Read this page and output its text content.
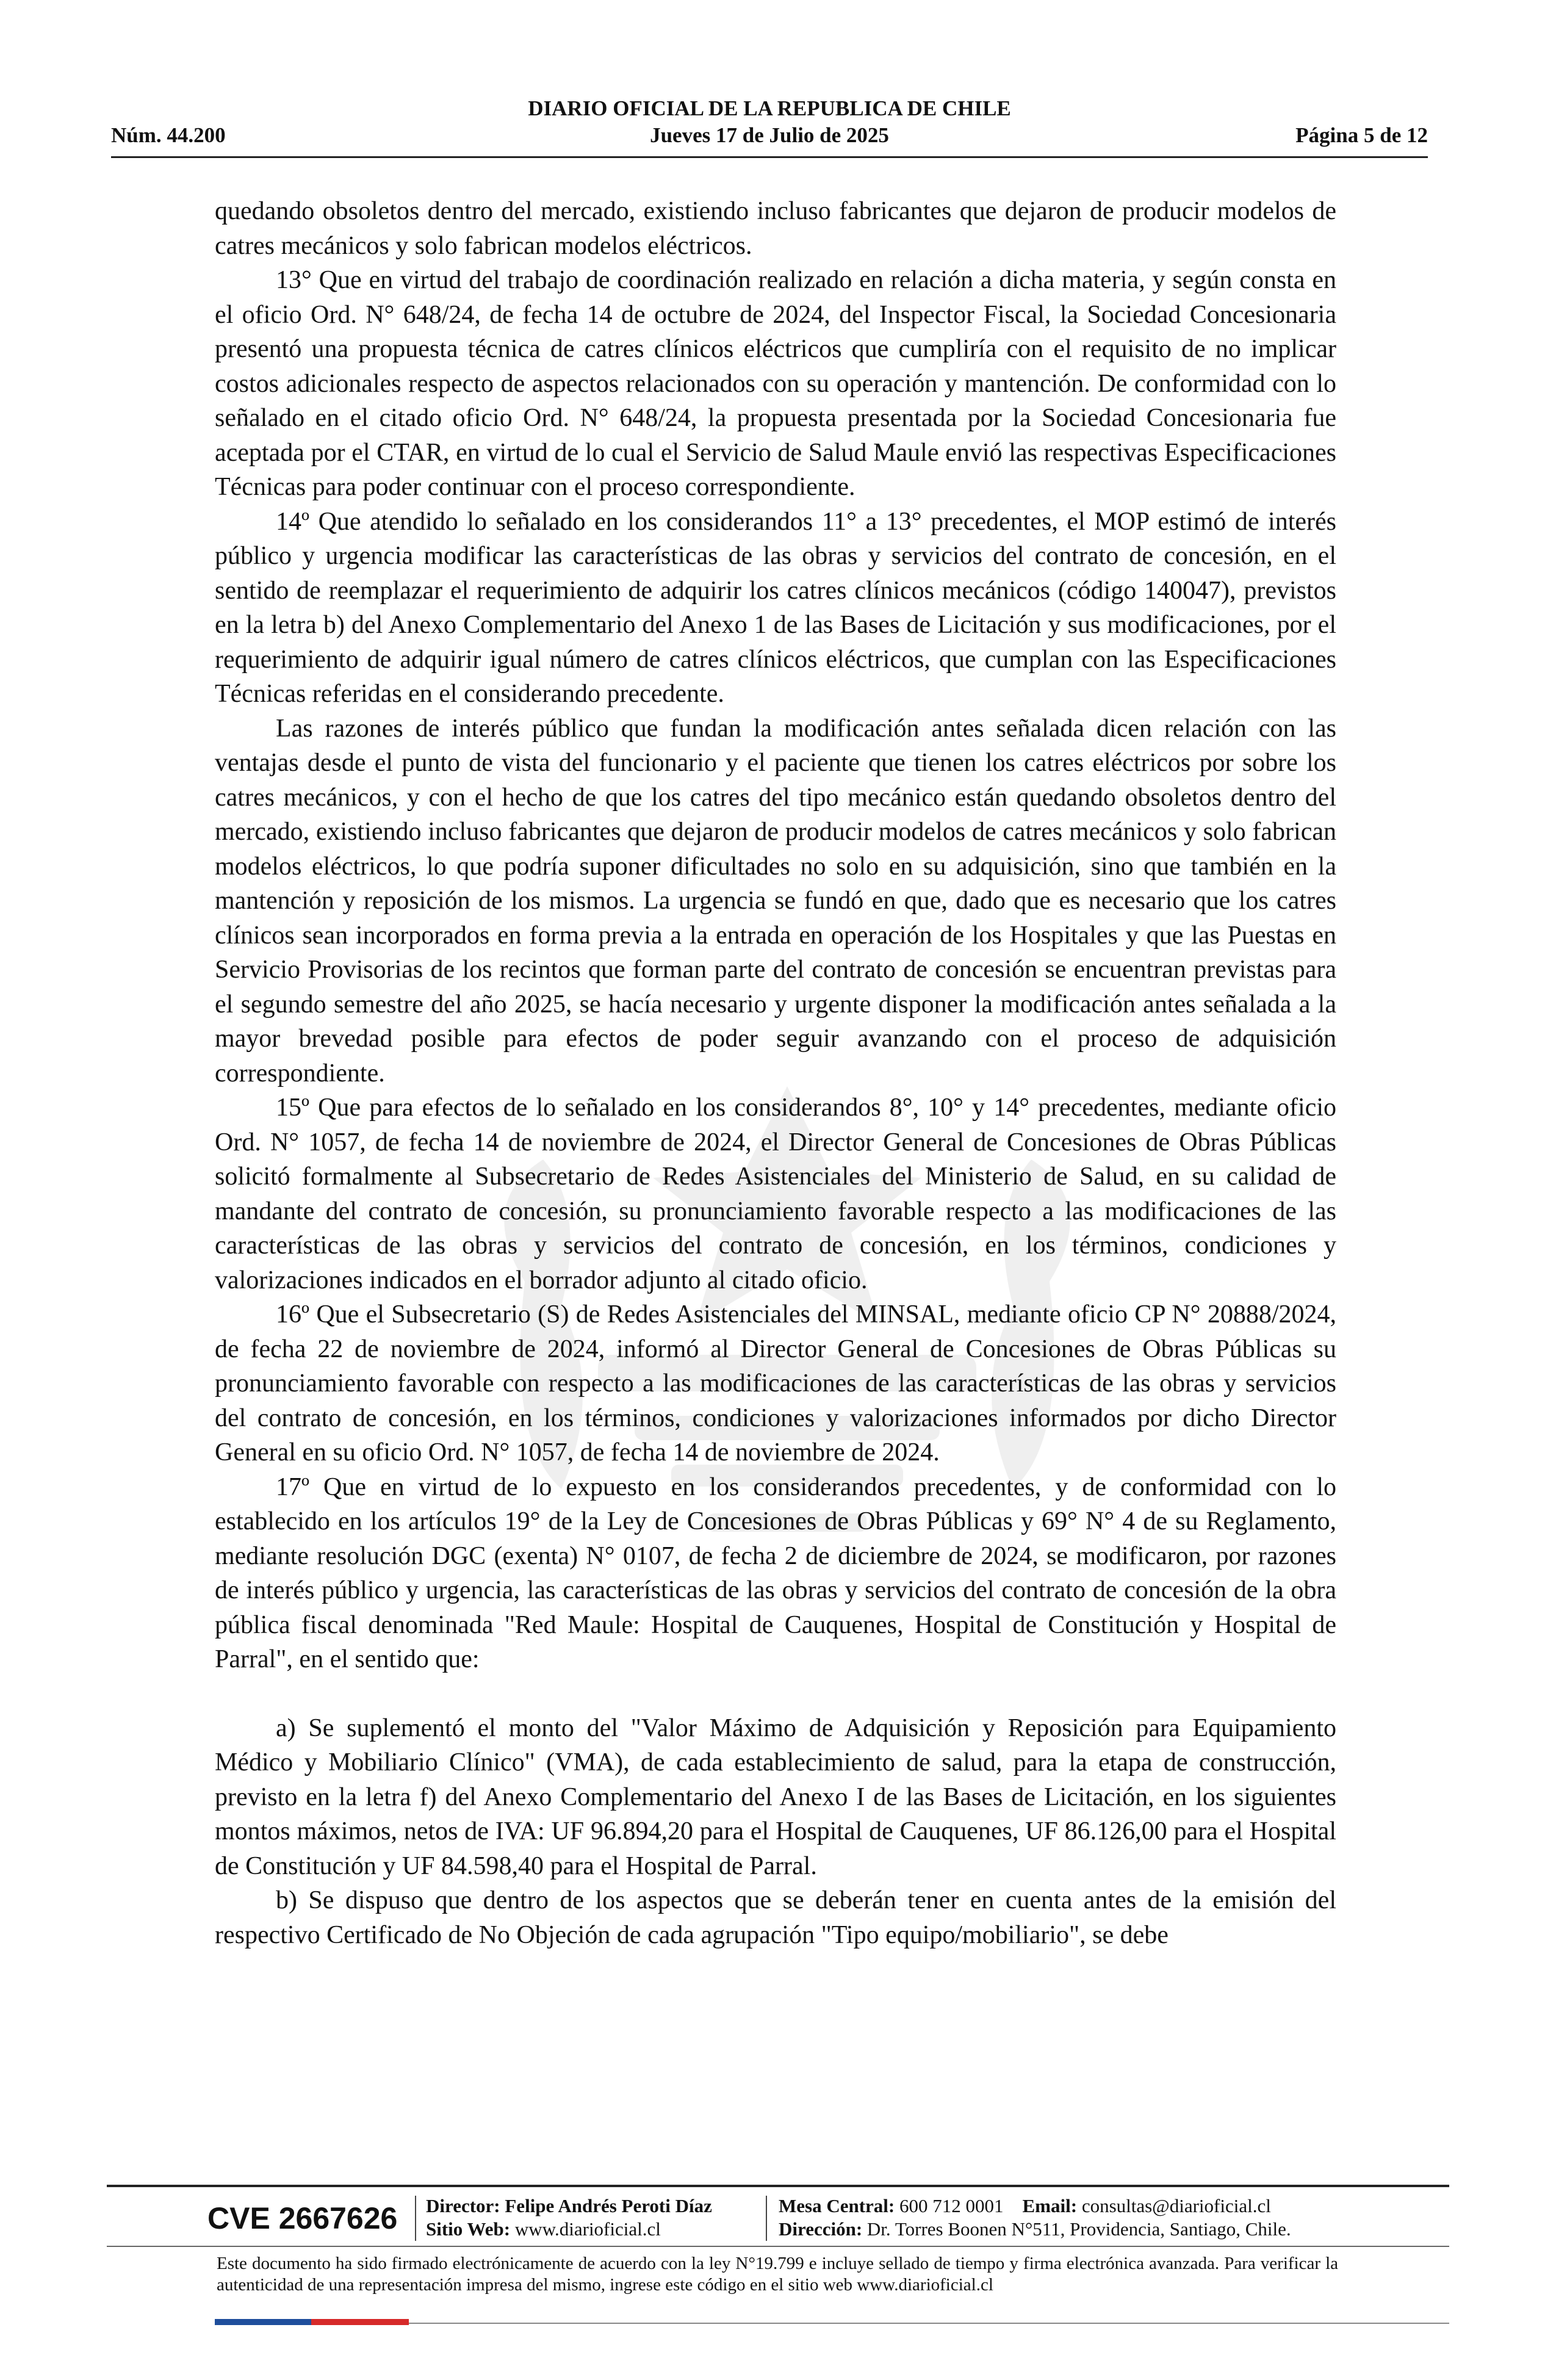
DIARIO OFICIAL DE LA REPUBLICA DE CHILE
Núm. 44.200	Jueves 17 de Julio de 2025	Página 5 de 12

quedando obsoletos dentro del mercado, existiendo incluso fabricantes que dejaron de producir modelos de catres mecánicos y solo fabrican modelos eléctricos.

13° Que en virtud del trabajo de coordinación realizado en relación a dicha materia, y según consta en el oficio Ord. N° 648/24, de fecha 14 de octubre de 2024, del Inspector Fiscal, la Sociedad Concesionaria presentó una propuesta técnica de catres clínicos eléctricos que cumpliría con el requisito de no implicar costos adicionales respecto de aspectos relacionados con su operación y mantención. De conformidad con lo señalado en el citado oficio Ord. N° 648/24, la propuesta presentada por la Sociedad Concesionaria fue aceptada por el CTAR, en virtud de lo cual el Servicio de Salud Maule envió las respectivas Especificaciones Técnicas para poder continuar con el proceso correspondiente.

14º Que atendido lo señalado en los considerandos 11° a 13° precedentes, el MOP estimó de interés público y urgencia modificar las características de las obras y servicios del contrato de concesión, en el sentido de reemplazar el requerimiento de adquirir los catres clínicos mecánicos (código 140047), previstos en la letra b) del Anexo Complementario del Anexo 1 de las Bases de Licitación y sus modificaciones, por el requerimiento de adquirir igual número de catres clínicos eléctricos, que cumplan con las Especificaciones Técnicas referidas en el considerando precedente.

Las razones de interés público que fundan la modificación antes señalada dicen relación con las ventajas desde el punto de vista del funcionario y el paciente que tienen los catres eléctricos por sobre los catres mecánicos, y con el hecho de que los catres del tipo mecánico están quedando obsoletos dentro del mercado, existiendo incluso fabricantes que dejaron de producir modelos de catres mecánicos y solo fabrican modelos eléctricos, lo que podría suponer dificultades no solo en su adquisición, sino que también en la mantención y reposición de los mismos. La urgencia se fundó en que, dado que es necesario que los catres clínicos sean incorporados en forma previa a la entrada en operación de los Hospitales y que las Puestas en Servicio Provisorias de los recintos que forman parte del contrato de concesión se encuentran previstas para el segundo semestre del año 2025, se hacía necesario y urgente disponer la modificación antes señalada a la mayor brevedad posible para efectos de poder seguir avanzando con el proceso de adquisición correspondiente.

15º Que para efectos de lo señalado en los considerandos 8°, 10° y 14° precedentes, mediante oficio Ord. N° 1057, de fecha 14 de noviembre de 2024, el Director General de Concesiones de Obras Públicas solicitó formalmente al Subsecretario de Redes Asistenciales del Ministerio de Salud, en su calidad de mandante del contrato de concesión, su pronunciamiento favorable respecto a las modificaciones de las características de las obras y servicios del contrato de concesión, en los términos, condiciones y valorizaciones indicados en el borrador adjunto al citado oficio.

16º Que el Subsecretario (S) de Redes Asistenciales del MINSAL, mediante oficio CP N° 20888/2024, de fecha 22 de noviembre de 2024, informó al Director General de Concesiones de Obras Públicas su pronunciamiento favorable con respecto a las modificaciones de las características de las obras y servicios del contrato de concesión, en los términos, condiciones y valorizaciones informados por dicho Director General en su oficio Ord. N° 1057, de fecha 14 de noviembre de 2024.

17º Que en virtud de lo expuesto en los considerandos precedentes, y de conformidad con lo establecido en los artículos 19° de la Ley de Concesiones de Obras Públicas y 69° N° 4 de su Reglamento, mediante resolución DGC (exenta) N° 0107, de fecha 2 de diciembre de 2024, se modificaron, por razones de interés público y urgencia, las características de las obras y servicios del contrato de concesión de la obra pública fiscal denominada "Red Maule: Hospital de Cauquenes, Hospital de Constitución y Hospital de Parral", en el sentido que:

a) Se suplementó el monto del "Valor Máximo de Adquisición y Reposición para Equipamiento Médico y Mobiliario Clínico" (VMA), de cada establecimiento de salud, para la etapa de construcción, previsto en la letra f) del Anexo Complementario del Anexo I de las Bases de Licitación, en los siguientes montos máximos, netos de IVA: UF 96.894,20 para el Hospital de Cauquenes, UF 86.126,00 para el Hospital de Constitución y UF 84.598,40 para el Hospital de Parral.

b) Se dispuso que dentro de los aspectos que se deberán tener en cuenta antes de la emisión del respectivo Certificado de No Objeción de cada agrupación "Tipo equipo/mobiliario", se debe

CVE 2667626 Director: Felipe Andrés Peroti Díaz
Sitio Web: www.diarioficial.cl
Mesa Central: 600 712 0001 Email: consultas@diarioficial.cl
Dirección: Dr. Torres Boonen N°511, Providencia, Santiago, Chile.
Este documento ha sido firmado electrónicamente de acuerdo con la ley N°19.799 e incluye sellado de tiempo y firma electrónica avanzada. Para verificar la autenticidad de una representación impresa del mismo, ingrese este código en el sitio web www.diarioficial.cl
